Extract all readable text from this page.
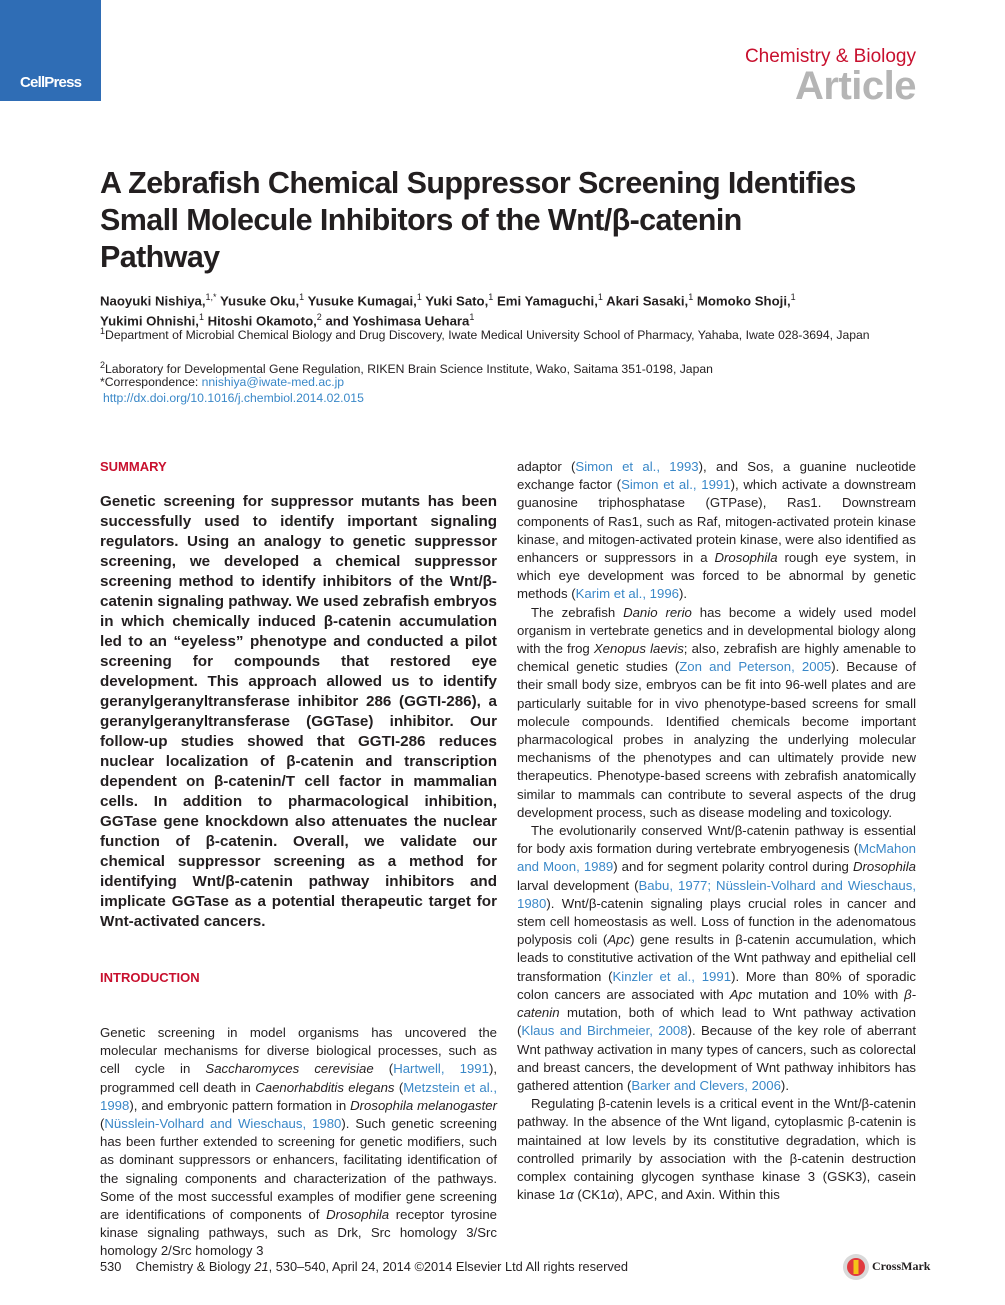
CellPress
Chemistry & Biology
Article
A Zebrafish Chemical Suppressor Screening Identifies Small Molecule Inhibitors of the Wnt/β-catenin Pathway
Naoyuki Nishiya,$^{1,*}$ Yusuke Oku,$^1$ Yusuke Kumagai,$^1$ Yuki Sato,$^1$ Emi Yamaguchi,$^1$ Akari Sasaki,$^1$ Momoko Shoji,$^1$
Yukimi Ohnishi,$^1$ Hitoshi Okamoto,$^2$ and Yoshimasa Uehara$^1$
$^1$Department of Microbial Chemical Biology and Drug Discovery, Iwate Medical University School of Pharmacy, Yahaba, Iwate 028-3694, Japan
$^2$Laboratory for Developmental Gene Regulation, RIKEN Brain Science Institute, Wako, Saitama 351-0198, Japan
*Correspondence: nnishiya@iwate-med.ac.jp
http://dx.doi.org/10.1016/j.chembiol.2014.02.015
SUMMARY
Genetic screening for suppressor mutants has been successfully used to identify important signaling regulators. Using an analogy to genetic suppressor screening, we developed a chemical suppressor screening method to identify inhibitors of the Wnt/β-catenin signaling pathway. We used zebrafish embryos in which chemically induced β-catenin accumulation led to an “eyeless” phenotype and conducted a pilot screening for compounds that restored eye development. This approach allowed us to identify geranylgeranyltransferase inhibitor 286 (GGTI-286), a geranylgeranyltransferase (GGTase) inhibitor. Our follow-up studies showed that GGTI-286 reduces nuclear localization of β-catenin and transcription dependent on β-catenin/T cell factor in mammalian cells. In addition to pharmacological inhibition, GGTase gene knockdown also attenuates the nuclear function of β-catenin. Overall, we validate our chemical suppressor screening as a method for identifying Wnt/β-catenin pathway inhibitors and implicate GGTase as a potential therapeutic target for Wnt-activated cancers.
INTRODUCTION

Genetic screening in model organisms has uncovered the molecular mechanisms for diverse biological processes, such as cell cycle in Saccharomyces cerevisiae (Hartwell, 1991), programmed cell death in Caenorhabditis elegans (Metzstein et al., 1998), and embryonic pattern formation in Drosophila melanogaster (Nüsslein-Volhard and Wieschaus, 1980). Such genetic screening has been further extended to screening for genetic modifiers, such as dominant suppressors or enhancers, facilitating identification of the signaling components and characterization of the pathways. Some of the most successful examples of modifier gene screening are identifications of components of Drosophila receptor tyrosine kinase signaling pathways, such as Drk, Src homology 3/Src homology 2/Src homology 3

adaptor (Simon et al., 1993), and Sos, a guanine nucleotide exchange factor (Simon et al., 1991), which activate a downstream guanosine triphosphatase (GTPase), Ras1. Downstream components of Ras1, such as Raf, mitogen-activated protein kinase kinase, and mitogen-activated protein kinase, were also identified as enhancers or suppressors in a Drosophila rough eye system, in which eye development was forced to be abnormal by genetic methods (Karim et al., 1996).

The zebrafish Danio rerio has become a widely used model organism in vertebrate genetics and in developmental biology along with the frog Xenopus laevis; also, zebrafish are highly amenable to chemical genetic studies (Zon and Peterson, 2005). Because of their small body size, embryos can be fit into 96-well plates and are particularly suitable for in vivo phenotype-based screens for small molecule compounds. Identified chemicals become important pharmacological probes in analyzing the underlying molecular mechanisms of the phenotypes and can ultimately provide new therapeutics. Phenotype-based screens with zebrafish anatomically similar to mammals can contribute to several aspects of the drug development process, such as disease modeling and toxicology.

The evolutionarily conserved Wnt/β-catenin pathway is essential for body axis formation during vertebrate embryogenesis (McMahon and Moon, 1989) and for segment polarity control during Drosophila larval development (Babu, 1977; Nüsslein-Volhard and Wieschaus, 1980). Wnt/β-catenin signaling plays crucial roles in cancer and stem cell homeostasis as well. Loss of function in the adenomatous polyposis coli (Apc) gene results in β-catenin accumulation, which leads to constitutive activation of the Wnt pathway and epithelial cell transformation (Kinzler et al., 1991). More than 80% of sporadic colon cancers are associated with Apc mutation and 10% with β-catenin mutation, both of which lead to Wnt pathway activation (Klaus and Birchmeier, 2008). Because of the key role of aberrant Wnt pathway activation in many types of cancers, such as colorectal and breast cancers, the development of Wnt pathway inhibitors has gathered attention (Barker and Clevers, 2006).

Regulating β-catenin levels is a critical event in the Wnt/β-catenin pathway. In the absence of the Wnt ligand, cytoplasmic β-catenin is maintained at low levels by its constitutive degradation, which is controlled primarily by association with the β-catenin destruction complex containing glycogen synthase kinase 3 (GSK3), casein kinase 1α (CK1α), APC, and Axin. Within this

530 Chemistry & Biology 21, 530–540, April 24, 2014 ©2014 Elsevier Ltd All rights reserved	CrossMark
